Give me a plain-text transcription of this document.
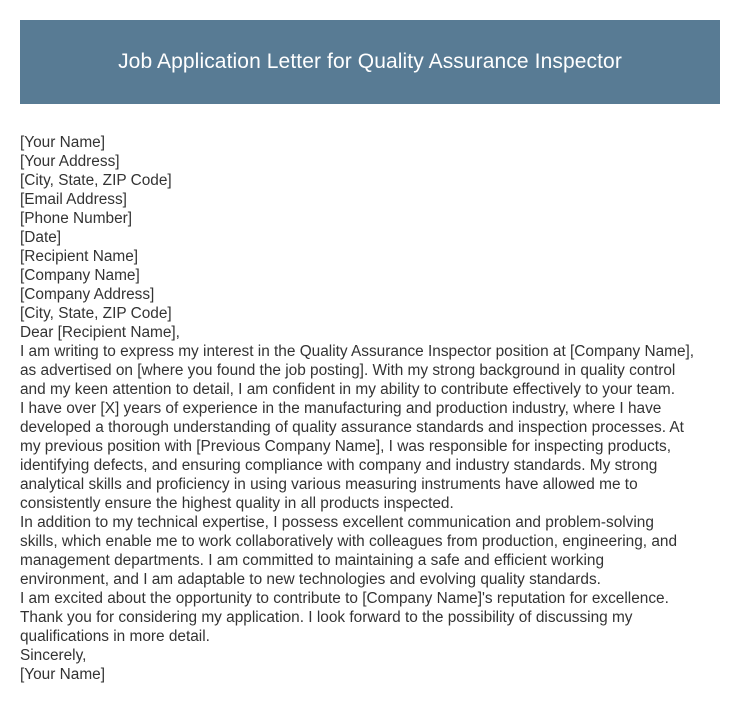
Job Application Letter for Quality Assurance Inspector
[Your Name]
[Your Address]
[City, State, ZIP Code]
[Email Address]
[Phone Number]
[Date]
[Recipient Name]
[Company Name]
[Company Address]
[City, State, ZIP Code]
Dear [Recipient Name],
I am writing to express my interest in the Quality Assurance Inspector position at [Company Name],
as advertised on [where you found the job posting]. With my strong background in quality control
and my keen attention to detail, I am confident in my ability to contribute effectively to your team.
I have over [X] years of experience in the manufacturing and production industry, where I have
developed a thorough understanding of quality assurance standards and inspection processes. At
my previous position with [Previous Company Name], I was responsible for inspecting products,
identifying defects, and ensuring compliance with company and industry standards. My strong
analytical skills and proficiency in using various measuring instruments have allowed me to
consistently ensure the highest quality in all products inspected.
In addition to my technical expertise, I possess excellent communication and problem-solving
skills, which enable me to work collaboratively with colleagues from production, engineering, and
management departments. I am committed to maintaining a safe and efficient working
environment, and I am adaptable to new technologies and evolving quality standards.
I am excited about the opportunity to contribute to [Company Name]'s reputation for excellence.
Thank you for considering my application. I look forward to the possibility of discussing my
qualifications in more detail.
Sincerely,
[Your Name]
